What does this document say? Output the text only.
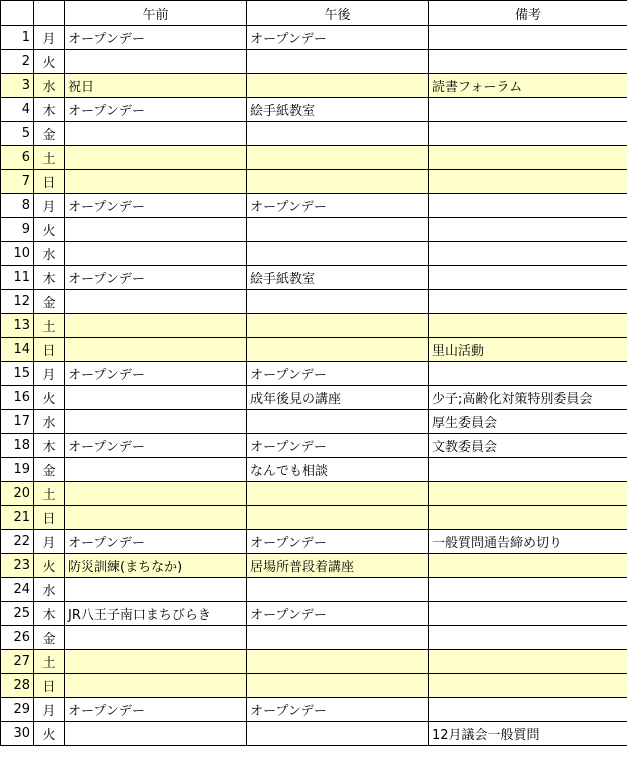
		午前	午後	備考
1	月	オープンデー	オープンデー	
2	火			
3	水	祝日		読書フォーラム
4	木	オープンデー	絵手紙教室	
5	金			
6	土			
7	日			
8	月	オープンデー	オープンデー	
9	火			
10	水			
11	木	オープンデー	絵手紙教室	
12	金			
13	土			
14	日			里山活動
15	月	オープンデー	オープンデー	
16	火		成年後見の講座	少子;高齢化対策特別委員会
17	水			厚生委員会
18	木	オープンデー	オープンデー	文教委員会
19	金		なんでも相談	
20	土			
21	日			
22	月	オープンデー	オープンデー	一般質問通告締め切り
23	火	防災訓練(まちなか)	居場所普段着講座	
24	水			
25	木	JR八王子南口まちびらき	オープンデー	
26	金			
27	土			
28	日			
29	月	オープンデー	オープンデー	
30	火			12月議会一般質問
